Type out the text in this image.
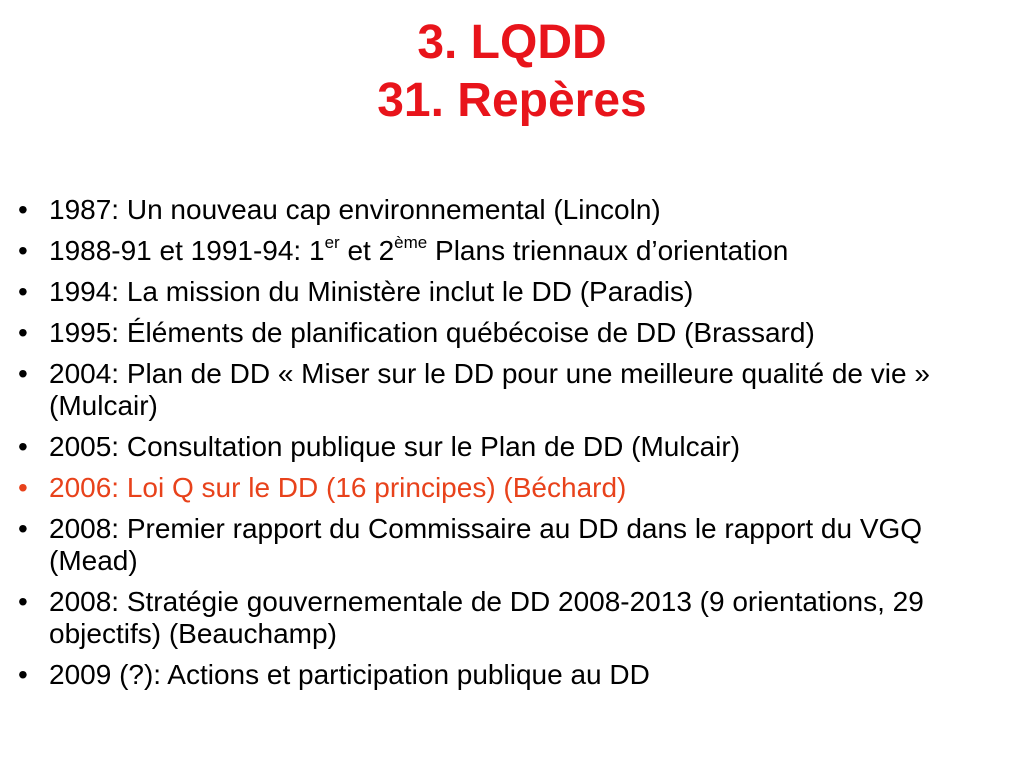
3. LQDD
31. Repères
• 1987: Un nouveau cap environnemental (Lincoln)
• 1988-91 et 1991-94: 1er et 2ème Plans triennaux d’orientation
• 1994: La mission du Ministère inclut le DD (Paradis)
• 1995: Éléments de planification québécoise de DD (Brassard)
• 2004: Plan de DD « Miser sur le DD pour une meilleure qualité de vie » (Mulcair)
• 2005: Consultation publique sur le Plan de DD (Mulcair)
• 2006: Loi Q sur le DD (16 principes) (Béchard)
• 2008: Premier rapport du Commissaire au DD dans le rapport du VGQ (Mead)
• 2008: Stratégie gouvernementale de DD 2008-2013 (9 orientations, 29 objectifs) (Beauchamp)
• 2009 (?): Actions et participation publique au DD
